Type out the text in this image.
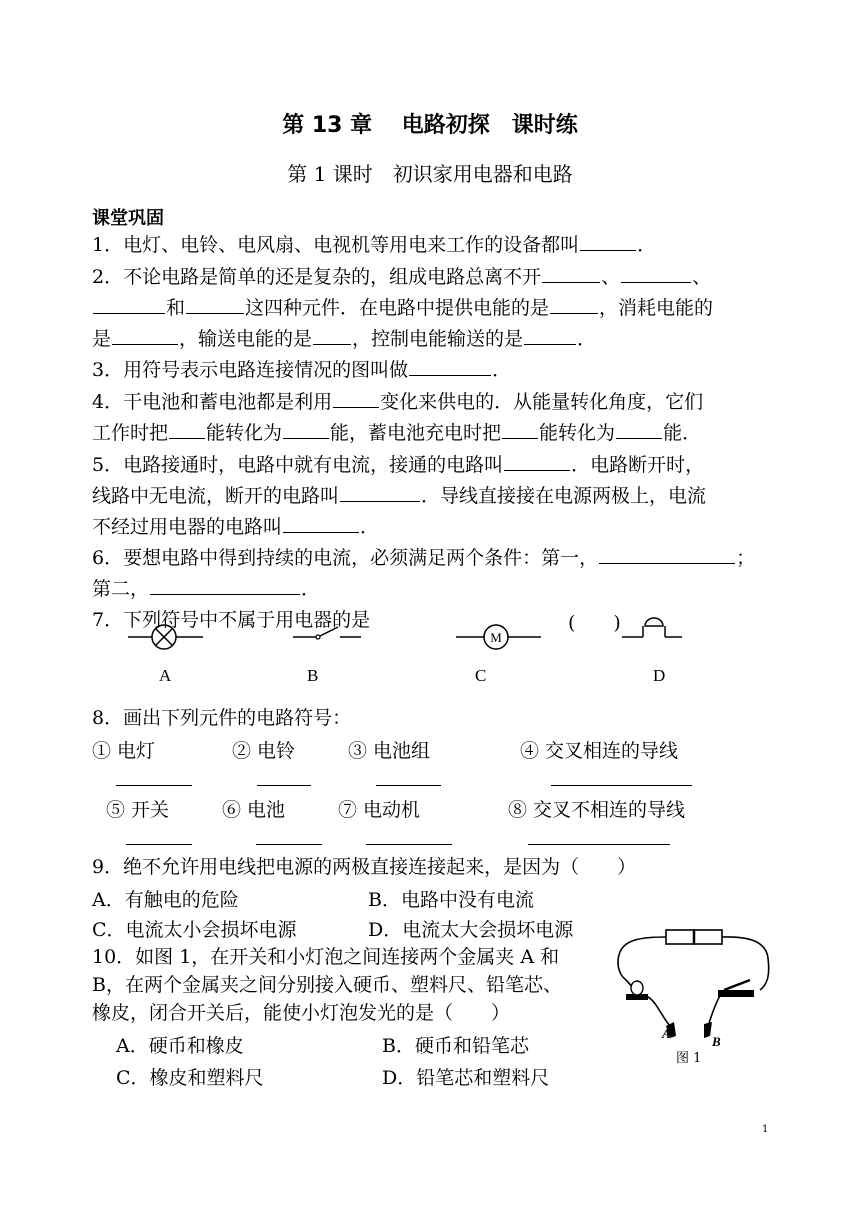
第 13 章　 电路初探　课时练
第 1 课时　初识家用电器和电路
课堂巩固
1．电灯、电铃、电风扇、电视机等用电来工作的设备都叫	．
2．不论电路是简单的还是复杂的，组成电路总离不开	、	、
和	这四种元件．在电路中提供电能的是	，消耗电能的
是	，输送电能的是 ，控制电能输送的是	．
3．用符号表示电路连接情况的图叫做	．
4．干电池和蓄电池都是利用	变化来供电的．从能量转化角度，它们
工作时把 能转化为	能，蓄电池充电时把 能转化为	能．
5．电路接通时，电路中就有电流，接通的电路叫	．电路断开时，
线路中无电流，断开的电路叫	．导线直接接在电源两极上，电流
不经过用电器的电路叫	．
6．要想电路中得到持续的电流，必须满足两个条件：第一，	；
第二，	．
7．下列符号中不属于用电器的是	(　　)
M
A	B	C	D
8．画出下列元件的电路符号：
① 电灯	② 电铃	③ 电池组	④ 交叉相连的导线
⑤ 开关	⑥ 电池	⑦ 电动机	⑧ 交叉不相连的导线
9．绝不允许用电线把电源的两极直接连接起来，是因为（　　）
A．有触电的危险	B．电路中没有电流
C．电流太小会损坏电源	D．电流太大会损坏电源
10．如图 1，在开关和小灯泡之间连接两个金属夹 A 和
B，在两个金属夹之间分别接入硬币、塑料尺、铅笔芯、
橡皮，闭合开关后，能使小灯泡发光的是（　　）
A．硬币和橡皮	B．硬币和铅笔芯
C．橡皮和塑料尺	D．铅笔芯和塑料尺
A
B
图 1
1
